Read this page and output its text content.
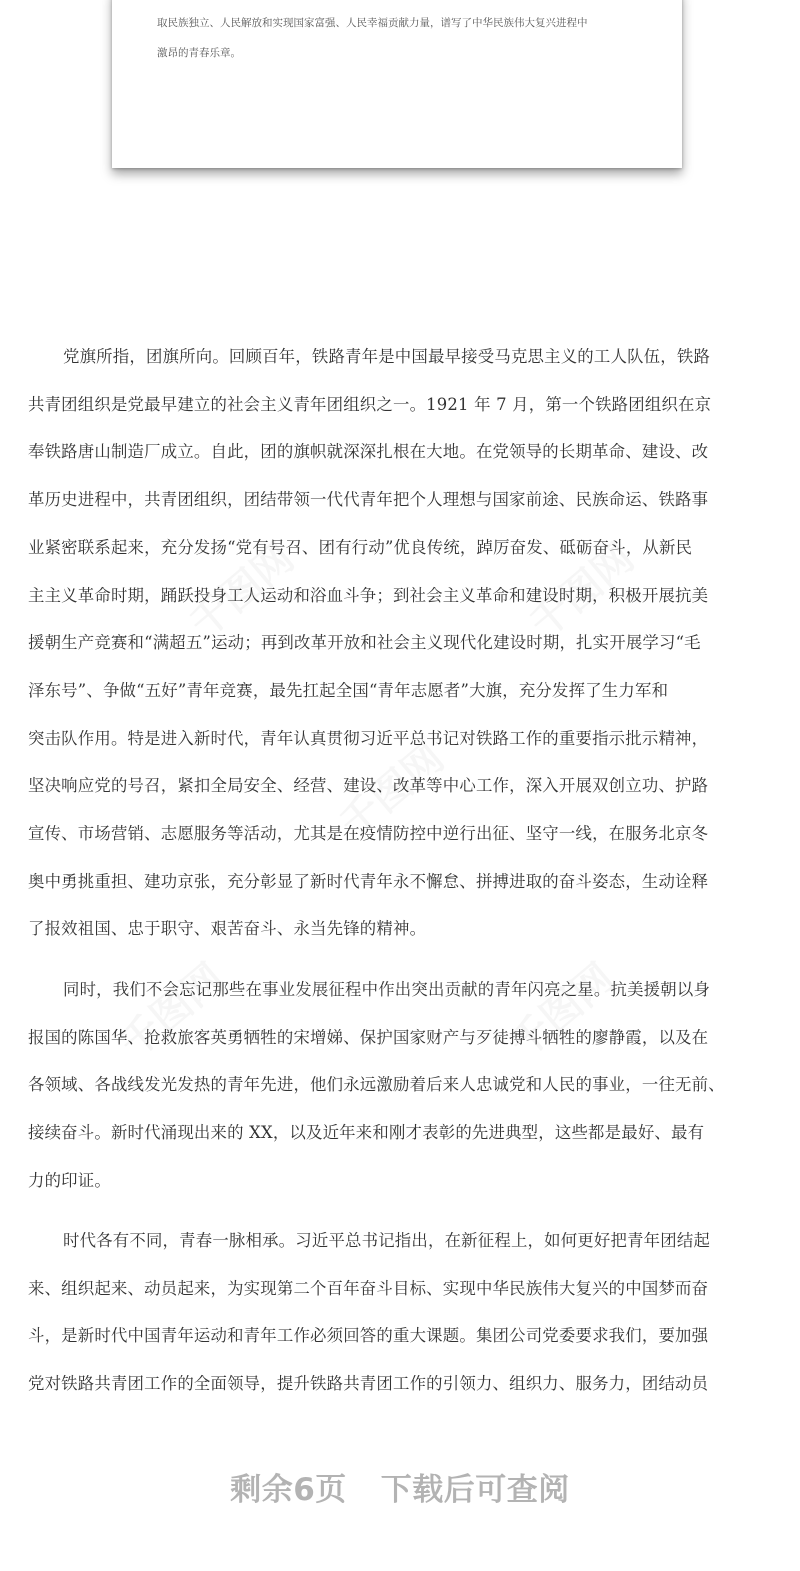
取民族独立、人民解放和实现国家富强、人民幸福贡献力量，谱写了中华民族伟大复兴进程中
激昂的青春乐章。
党旗所指，团旗所向。回顾百年，铁路青年是中国最早接受马克思主义的工人队伍，铁路
共青团组织是党最早建立的社会主义青年团组织之一。1921 年 7 月，第一个铁路团组织在京
奉铁路唐山制造厂成立。自此，团的旗帜就深深扎根在大地。在党领导的长期革命、建设、改
革历史进程中，共青团组织，团结带领一代代青年把个人理想与国家前途、民族命运、铁路事
业紧密联系起来，充分发扬“党有号召、团有行动”优良传统，踔厉奋发、砥砺奋斗，从新民
主主义革命时期，踊跃投身工人运动和浴血斗争；到社会主义革命和建设时期，积极开展抗美
援朝生产竞赛和“满超五”运动；再到改革开放和社会主义现代化建设时期，扎实开展学习“毛
泽东号”、争做“五好”青年竞赛，最先扛起全国“青年志愿者”大旗，充分发挥了生力军和
突击队作用。特是进入新时代，青年认真贯彻习近平总书记对铁路工作的重要指示批示精神，
坚决响应党的号召，紧扣全局安全、经营、建设、改革等中心工作，深入开展双创立功、护路
宣传、市场营销、志愿服务等活动，尤其是在疫情防控中逆行出征、坚守一线，在服务北京冬
奥中勇挑重担、建功京张，充分彰显了新时代青年永不懈怠、拼搏进取的奋斗姿态，生动诠释
了报效祖国、忠于职守、艰苦奋斗、永当先锋的精神。
同时，我们不会忘记那些在事业发展征程中作出突出贡献的青年闪亮之星。抗美援朝以身
报国的陈国华、抢救旅客英勇牺牲的宋增娣、保护国家财产与歹徒搏斗牺牲的廖静霞，以及在
各领域、各战线发光发热的青年先进，他们永远激励着后来人忠诚党和人民的事业，一往无前、
接续奋斗。新时代涌现出来的 XX，以及近年来和刚才表彰的先进典型，这些都是最好、最有
力的印证。
时代各有不同，青春一脉相承。习近平总书记指出，在新征程上，如何更好把青年团结起
来、组织起来、动员起来，为实现第二个百年奋斗目标、实现中华民族伟大复兴的中国梦而奋
斗，是新时代中国青年运动和青年工作必须回答的重大课题。集团公司党委要求我们，要加强
党对铁路共青团工作的全面领导，提升铁路共青团工作的引领力、组织力、服务力，团结动员
剩余6页 下载后可查阅
